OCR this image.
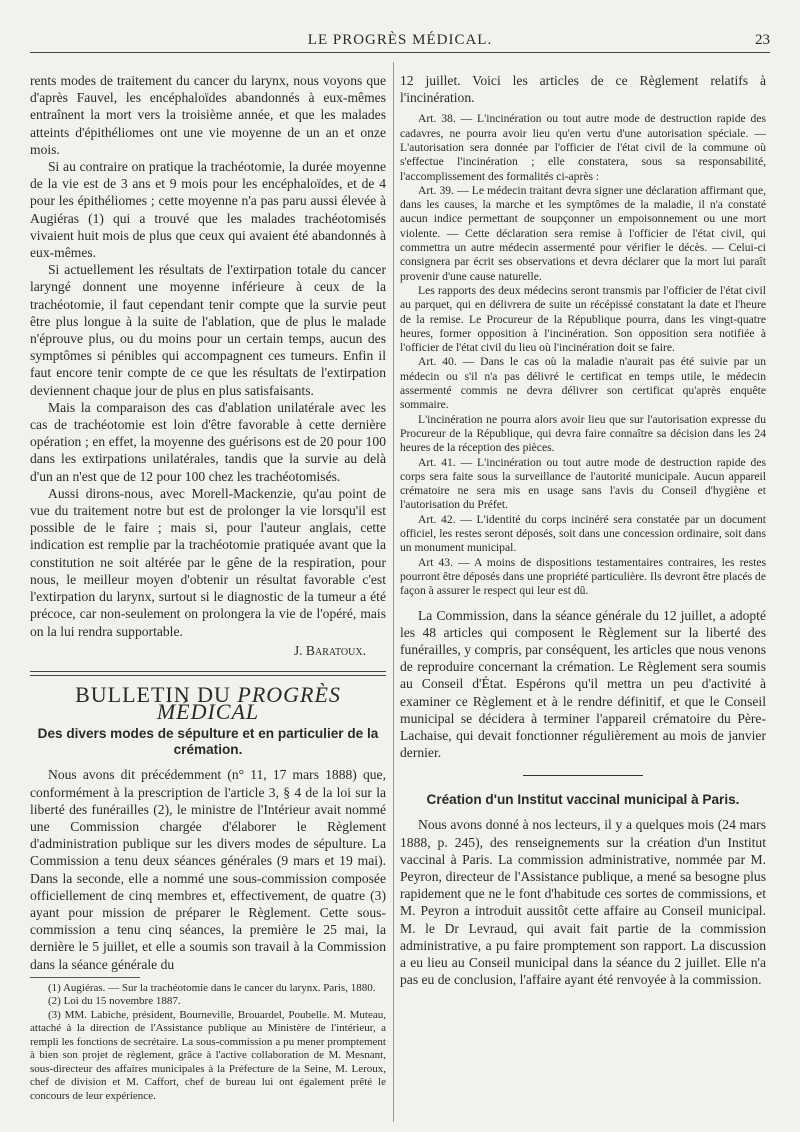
LE PROGRÈS MÉDICAL.	23

rents modes de traitement du cancer du larynx, nous voyons que d'après Fauvel, les encéphaloïdes abandonnés à eux-mêmes entraînent la mort vers la troisième année, et que les malades atteints d'épithéliomes ont une vie moyenne de un an et onze mois.

Si au contraire on pratique la trachéotomie, la durée moyenne de la vie est de 3 ans et 9 mois pour les encéphaloïdes, et de 4 pour les épithéliomes ; cette moyenne n'a pas paru aussi élevée à Augiéras (1) qui a trouvé que les malades trachéotomisés vivaient huit mois de plus que ceux qui avaient été abandonnés à eux-mêmes.

Si actuellement les résultats de l'extirpation totale du cancer laryngé donnent une moyenne inférieure à ceux de la trachéotomie, il faut cependant tenir compte que la survie peut être plus longue à la suite de l'ablation, que de plus le malade n'éprouve plus, ou du moins pour un certain temps, aucun des symptômes si pénibles qui accompagnent ces tumeurs. Enfin il faut encore tenir compte de ce que les résultats de l'extirpation deviennent chaque jour de plus en plus satisfaisants.

Mais la comparaison des cas d'ablation unilatérale avec les cas de trachéotomie est loin d'être favorable à cette dernière opération ; en effet, la moyenne des guérisons est de 20 pour 100 dans les extirpations unilatérales, tandis que la survie au delà d'un an n'est que de 12 pour 100 chez les trachéotomisés.

Aussi dirons-nous, avec Morell-Mackenzie, qu'au point de vue du traitement notre but est de prolonger la vie lorsqu'il est possible de le faire ; mais si, pour l'auteur anglais, cette indication est remplie par la trachéotomie pratiquée avant que la constitution ne soit altérée par le gêne de la respiration, pour nous, le meilleur moyen d'obtenir un résultat favorable c'est l'extirpation du larynx, surtout si le diagnostic de la tumeur a été précoce, car non-seulement on prolongera la vie de l'opéré, mais on la lui rendra supportable.

J. Baratoux.

BULLETIN DU PROGRÈS MÉDICAL
Des divers modes de sépulture et en particulier de la crémation.

Nous avons dit précédemment (n° 11, 17 mars 1888) que, conformément à la prescription de l'article 3, § 4 de la loi sur la liberté des funérailles (2), le ministre de l'Intérieur avait nommé une Commission chargée d'élaborer le Règlement d'administration publique sur les divers modes de sépulture. La Commission a tenu deux séances générales (9 mars et 19 mai). Dans la seconde, elle a nommé une sous-commission composée officiellement de cinq membres et, effectivement, de quatre (3) ayant pour mission de préparer le Règlement. Cette sous-commission a tenu cinq séances, la première le 25 mai, la dernière le 5 juillet, et elle a soumis son travail à la Commission dans la séance générale du

(1) Augiéras. — Sur la trachéotomie dans le cancer du larynx. Paris, 1880.

(2) Loi du 15 novembre 1887.

(3) MM. Labiche, président, Bourneville, Brouardel, Poubelle. M. Muteau, attaché à la direction de l'Assistance publique au Ministère de l'intérieur, a rempli les fonctions de secrétaire. La sous-commission a pu mener promptement à bien son projet de règlement, grâce à l'active collaboration de M. Mesnant, sous-directeur des affaires municipales à la Préfecture de la Seine, M. Leroux, chef de division et M. Caffort, chef de bureau lui ont également prêté le concours de leur expérience.

12 juillet. Voici les articles de ce Règlement relatifs à l'incinération.

Art. 38. — L'incinération ou tout autre mode de destruction rapide des cadavres, ne pourra avoir lieu qu'en vertu d'une autorisation spéciale. — L'autorisation sera donnée par l'officier de l'état civil de la commune où s'effectue l'incinération ; elle constatera, sous sa responsabilité, l'accomplissement des formalités ci-après :

Art. 39. — Le médecin traitant devra signer une déclaration affirmant que, dans les causes, la marche et les symptômes de la maladie, il n'a constaté aucun indice permettant de soupçonner un empoisonnement ou une mort violente. — Cette déclaration sera remise à l'officier de l'état civil, qui commettra un autre médecin assermenté pour vérifier le décès. — Celui-ci consignera par écrit ses observations et devra déclarer que la mort lui paraît provenir d'une cause naturelle.

Les rapports des deux médecins seront transmis par l'officier de l'état civil au parquet, qui en délivrera de suite un récépissé constatant la date et l'heure de la remise. Le Procureur de la République pourra, dans les vingt-quatre heures, former opposition à l'incinération. Son opposition sera notifiée à l'officier de l'état civil du lieu où l'incinération doit se faire.

Art. 40. — Dans le cas où la maladie n'aurait pas été suivie par un médecin ou s'il n'a pas délivré le certificat en temps utile, le médecin assermenté commis ne devra délivrer son certificat qu'après enquête sommaire.

L'incinération ne pourra alors avoir lieu que sur l'autorisation expresse du Procureur de la République, qui devra faire connaître sa décision dans les 24 heures de la réception des pièces.

Art. 41. — L'incinération ou tout autre mode de destruction rapide des corps sera faite sous la surveillance de l'autorité municipale. Aucun appareil crématoire ne sera mis en usage sans l'avis du Conseil d'hygiène et l'autorisation du Préfet.

Art. 42. — L'identité du corps incinéré sera constatée par un document officiel, les restes seront déposés, soit dans une concession ordinaire, soit dans un monument municipal.

Art 43. — A moins de dispositions testamentaires contraires, les restes pourront être déposés dans une propriété particulière. Ils devront être placés de façon à assurer le respect qui leur est dû.

La Commission, dans la séance générale du 12 juillet, a adopté les 48 articles qui composent le Règlement sur la liberté des funérailles, y compris, par conséquent, les articles que nous venons de reproduire concernant la crémation. Le Règlement sera soumis au Conseil d'État. Espérons qu'il mettra un peu d'activité à examiner ce Règlement et à le rendre définitif, et que le Conseil municipal se décidera à terminer l'appareil crématoire du Père-Lachaise, qui devait fonctionner régulièrement au mois de janvier dernier.

Création d'un Institut vaccinal municipal à Paris.

Nous avons donné à nos lecteurs, il y a quelques mois (24 mars 1888, p. 245), des renseignements sur la création d'un Institut vaccinal à Paris. La commission administrative, nommée par M. Peyron, directeur de l'Assistance publique, a mené sa besogne plus rapidement que ne le font d'habitude ces sortes de commissions, et M. Peyron a introduit aussitôt cette affaire au Conseil municipal. M. le Dr Levraud, qui avait fait partie de la commission administrative, a pu faire promptement son rapport. La discussion a eu lieu au Conseil municipal dans la séance du 2 juillet. Elle n'a pas eu de conclusion, l'affaire ayant été renvoyée à la commission.
